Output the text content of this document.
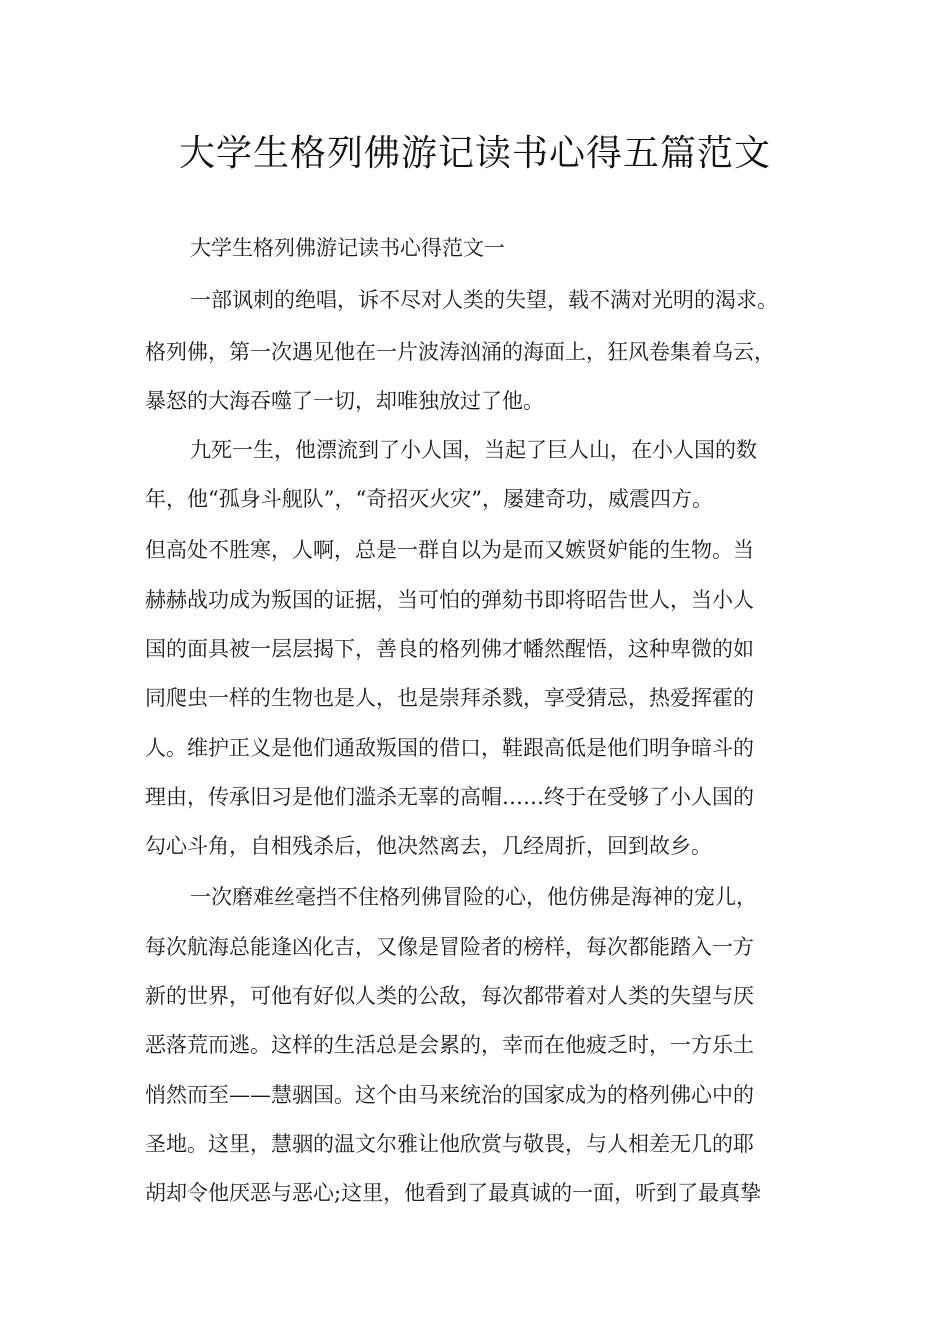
大学生格列佛游记读书心得五篇范文
大学生格列佛游记读书心得范文一
一部讽刺的绝唱，诉不尽对人类的失望，载不满对光明的渴求。
格列佛，第一次遇见他在一片波涛汹涌的海面上，狂风卷集着乌云，
暴怒的大海吞噬了一切，却唯独放过了他。
九死一生，他漂流到了小人国，当起了巨人山，在小人国的数
年，他“孤身斗舰队”，“奇招灭火灾”，屡建奇功，威震四方。
但高处不胜寒，人啊，总是一群自以为是而又嫉贤妒能的生物。当
赫赫战功成为叛国的证据，当可怕的弹劾书即将昭告世人，当小人
国的面具被一层层揭下，善良的格列佛才幡然醒悟，这种卑微的如
同爬虫一样的生物也是人，也是崇拜杀戮，享受猜忌，热爱挥霍的
人。维护正义是他们通敌叛国的借口，鞋跟高低是他们明争暗斗的
理由，传承旧习是他们滥杀无辜的高帽……终于在受够了小人国的
勾心斗角，自相残杀后，他决然离去，几经周折，回到故乡。
一次磨难丝毫挡不住格列佛冒险的心，他仿佛是海神的宠儿，
每次航海总能逢凶化吉，又像是冒险者的榜样，每次都能踏入一方
新的世界，可他有好似人类的公敌，每次都带着对人类的失望与厌
恶落荒而逃。这样的生活总是会累的，幸而在他疲乏时，一方乐土
悄然而至——慧骃国。这个由马来统治的国家成为的格列佛心中的
圣地。这里，慧骃的温文尔雅让他欣赏与敬畏，与人相差无几的耶
胡却令他厌恶与恶心;这里，他看到了最真诚的一面，听到了最真挚
